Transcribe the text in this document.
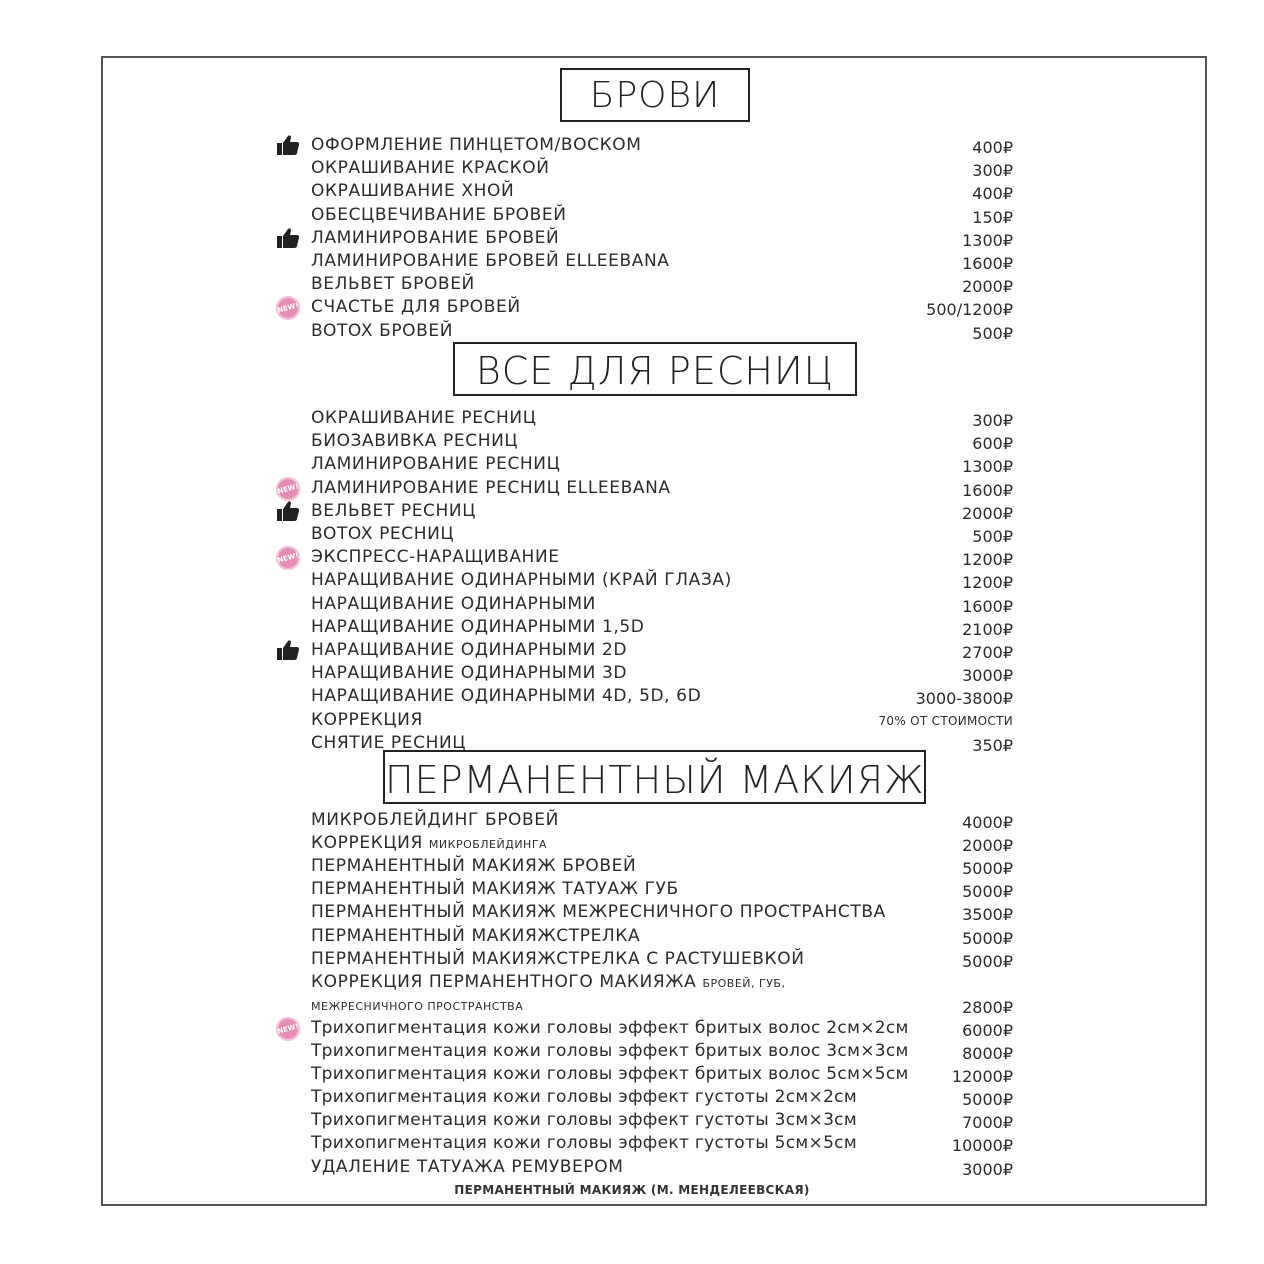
БРОВИ
ВСЕ ДЛЯ РЕСНИЦ
ПЕРМАНЕНТНЫЙ МАКИЯЖ
ОФОРМЛЕНИЕ ПИНЦЕТОМ/ВОСКОМ	400₽
ОКРАШИВАНИЕ КРАСКОЙ	300₽
ОКРАШИВАНИЕ ХНОЙ	400₽
ОБЕСЦВЕЧИВАНИЕ БРОВЕЙ	150₽
ЛАМИНИРОВАНИЕ БРОВЕЙ	1300₽
ЛАМИНИРОВАНИЕ БРОВЕЙ ELLEEBANA	1600₽
ВЕЛЬВЕТ БРОВЕЙ	2000₽
NEW! СЧАСТЬЕ ДЛЯ БРОВЕЙ	500/1200₽
BOTOX БРОВЕЙ	500₽
ОКРАШИВАНИЕ РЕСНИЦ	300₽
БИОЗАВИВКА РЕСНИЦ	600₽
ЛАМИНИРОВАНИЕ РЕСНИЦ	1300₽
NEW! ЛАМИНИРОВАНИЕ РЕСНИЦ ELLEEBANA	1600₽
ВЕЛЬВЕТ РЕСНИЦ	2000₽
BOTOX РЕСНИЦ	500₽
NEW! ЭКСПРЕСС-НАРАЩИВАНИЕ	1200₽
НАРАЩИВАНИЕ ОДИНАРНЫМИ (КРАЙ ГЛАЗА)	1200₽
НАРАЩИВАНИЕ ОДИНАРНЫМИ	1600₽
НАРАЩИВАНИЕ ОДИНАРНЫМИ 1,5D	2100₽
НАРАЩИВАНИЕ ОДИНАРНЫМИ 2D	2700₽
НАРАЩИВАНИЕ ОДИНАРНЫМИ 3D	3000₽
НАРАЩИВАНИЕ ОДИНАРНЫМИ 4D, 5D, 6D	3000-3800₽
КОРРЕКЦИЯ	70% ОТ СТОИМОСТИ
СНЯТИЕ РЕСНИЦ	350₽
МИКРОБЛЕЙДИНГ БРОВЕЙ	4000₽
КОРРЕКЦИЯ МИКРОБЛЕЙДИНГА	2000₽
ПЕРМАНЕНТНЫЙ МАКИЯЖ БРОВЕЙ	5000₽
ПЕРМАНЕНТНЫЙ МАКИЯЖ ТАТУАЖ ГУБ	5000₽
ПЕРМАНЕНТНЫЙ МАКИЯЖ МЕЖРЕСНИЧНОГО ПРОСТРАНСТВА	3500₽
ПЕРМАНЕНТНЫЙ МАКИЯЖСТРЕЛКА	5000₽
ПЕРМАНЕНТНЫЙ МАКИЯЖСТРЕЛКА С РАСТУШЕВКОЙ	5000₽
КОРРЕКЦИЯ ПЕРМАНЕНТНОГО МАКИЯЖА БРОВЕЙ, ГУБ,
МЕЖРЕСНИЧНОГО ПРОСТРАНСТВА	2800₽
NEW! Трихопигментация кожи головы эффект бритых волос 2см×2см	6000₽
Трихопигментация кожи головы эффект бритых волос 3см×3см	8000₽
Трихопигментация кожи головы эффект бритых волос 5см×5см	12000₽
Трихопигментация кожи головы эффект густоты 2см×2см	5000₽
Трихопигментация кожи головы эффект густоты 3см×3см	7000₽
Трихопигментация кожи головы эффект густоты 5см×5см	10000₽
УДАЛЕНИЕ ТАТУАЖА РЕМУВЕРОМ	3000₽
ПЕРМАНЕНТНЫЙ МАКИЯЖ (М. МЕНДЕЛЕЕВСКАЯ)
